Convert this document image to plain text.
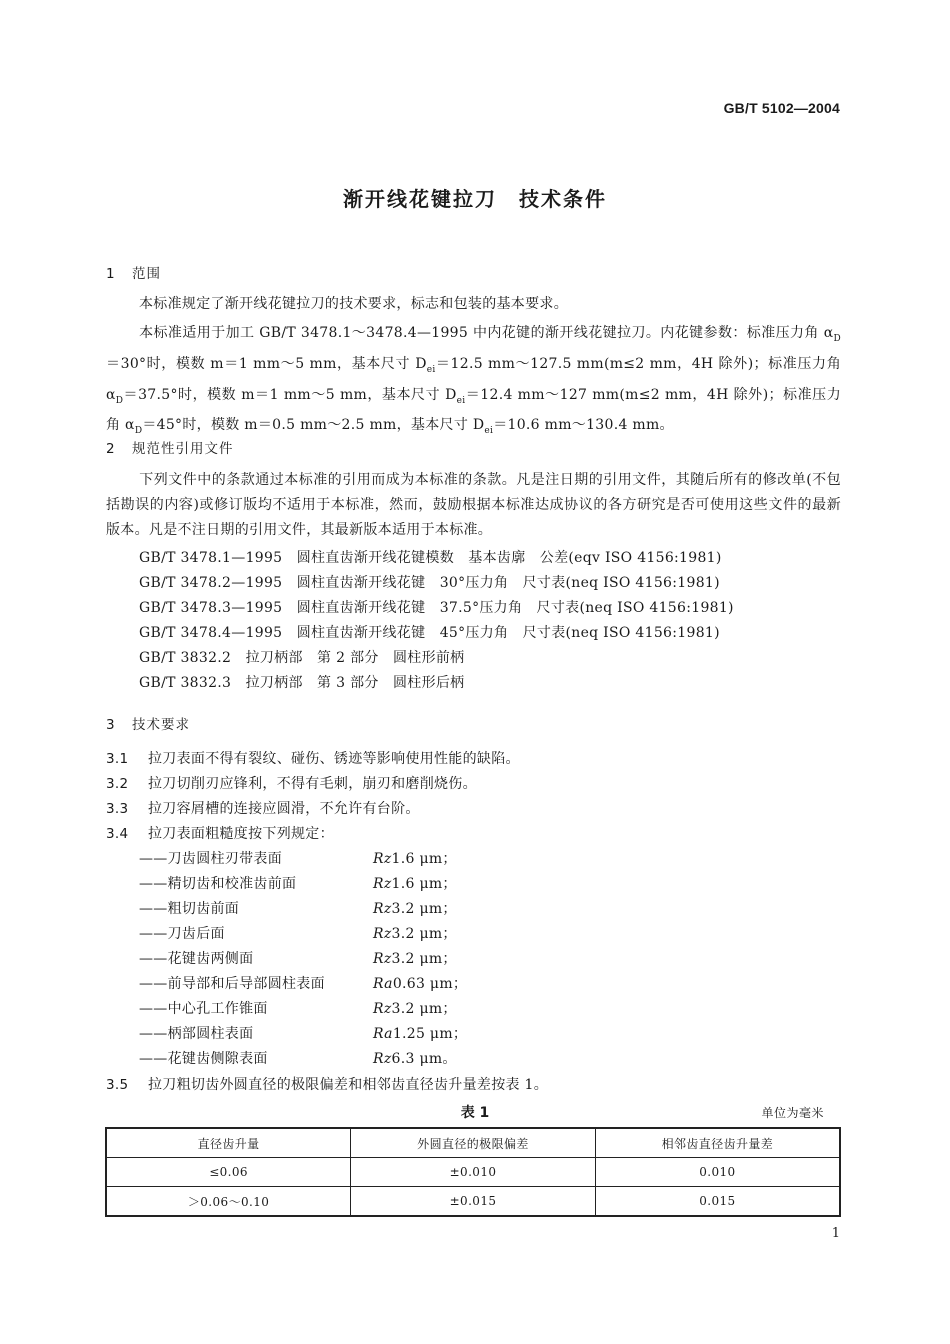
GB/T 5102—2004
渐开线花键拉刀　技术条件
1 范围
本标准规定了渐开线花键拉刀的技术要求，标志和包装的基本要求。
本标准适用于加工 GB/T 3478.1～3478.4—1995 中内花键的渐开线花键拉刀。内花键参数：标准压力角 $\alpha_D=30^\circ$时，模数 m＝1 mm～5 mm，基本尺寸 $D_{ei}=12.5$ mm～127.5 mm(m≤2 mm，4H 除外)；标准压力角 $\alpha_D=37.5^\circ$时，模数 m＝1 mm～5 mm，基本尺寸 $D_{ei}=12.4$ mm～127 mm(m≤2 mm，4H 除外)；标准压力角 $\alpha_D=45^\circ$时，模数 m＝0.5 mm～2.5 mm，基本尺寸 $D_{ei}=10.6$ mm～130.4 mm。
2 规范性引用文件
下列文件中的条款通过本标准的引用而成为本标准的条款。凡是注日期的引用文件，其随后所有的修改单(不包括勘误的内容)或修订版均不适用于本标准，然而，鼓励根据本标准达成协议的各方研究是否可使用这些文件的最新版本。凡是不注日期的引用文件，其最新版本适用于本标准。
GB/T 3478.1—1995　圆柱直齿渐开线花键模数　基本齿廓　公差(eqv ISO 4156:1981)
GB/T 3478.2—1995　圆柱直齿渐开线花键　30°压力角　尺寸表(neq ISO 4156:1981)
GB/T 3478.3—1995　圆柱直齿渐开线花键　37.5°压力角　尺寸表(neq ISO 4156:1981)
GB/T 3478.4—1995　圆柱直齿渐开线花键　45°压力角　尺寸表(neq ISO 4156:1981)
GB/T 3832.2　拉刀柄部　第 2 部分　圆柱形前柄
GB/T 3832.3　拉刀柄部　第 3 部分　圆柱形后柄
3 技术要求
3.1 拉刀表面不得有裂纹、碰伤、锈迹等影响使用性能的缺陷。
3.2 拉刀切削刃应锋利，不得有毛刺，崩刃和磨削烧伤。
3.3 拉刀容屑槽的连接应圆滑，不允许有台阶。
3.4 拉刀表面粗糙度按下列规定：
——刀齿圆柱刃带表面	Rz1.6 μm；
——精切齿和校准齿前面	Rz1.6 μm；
——粗切齿前面	Rz3.2 μm；
——刀齿后面	Rz3.2 μm；
——花键齿两侧面	Rz3.2 μm；
——前导部和后导部圆柱表面	Ra0.63 μm；
——中心孔工作锥面	Rz3.2 μm；
——柄部圆柱表面	Ra1.25 μm；
——花键齿侧隙表面	Rz6.3 μm。
3.5 拉刀粗切齿外圆直径的极限偏差和相邻齿直径齿升量差按表 1。
表 1	单位为毫米
直径齿升量	外圆直径的极限偏差	相邻齿直径齿升量差
≤0.06	±0.010	0.010
＞0.06～0.10	±0.015	0.015
1
